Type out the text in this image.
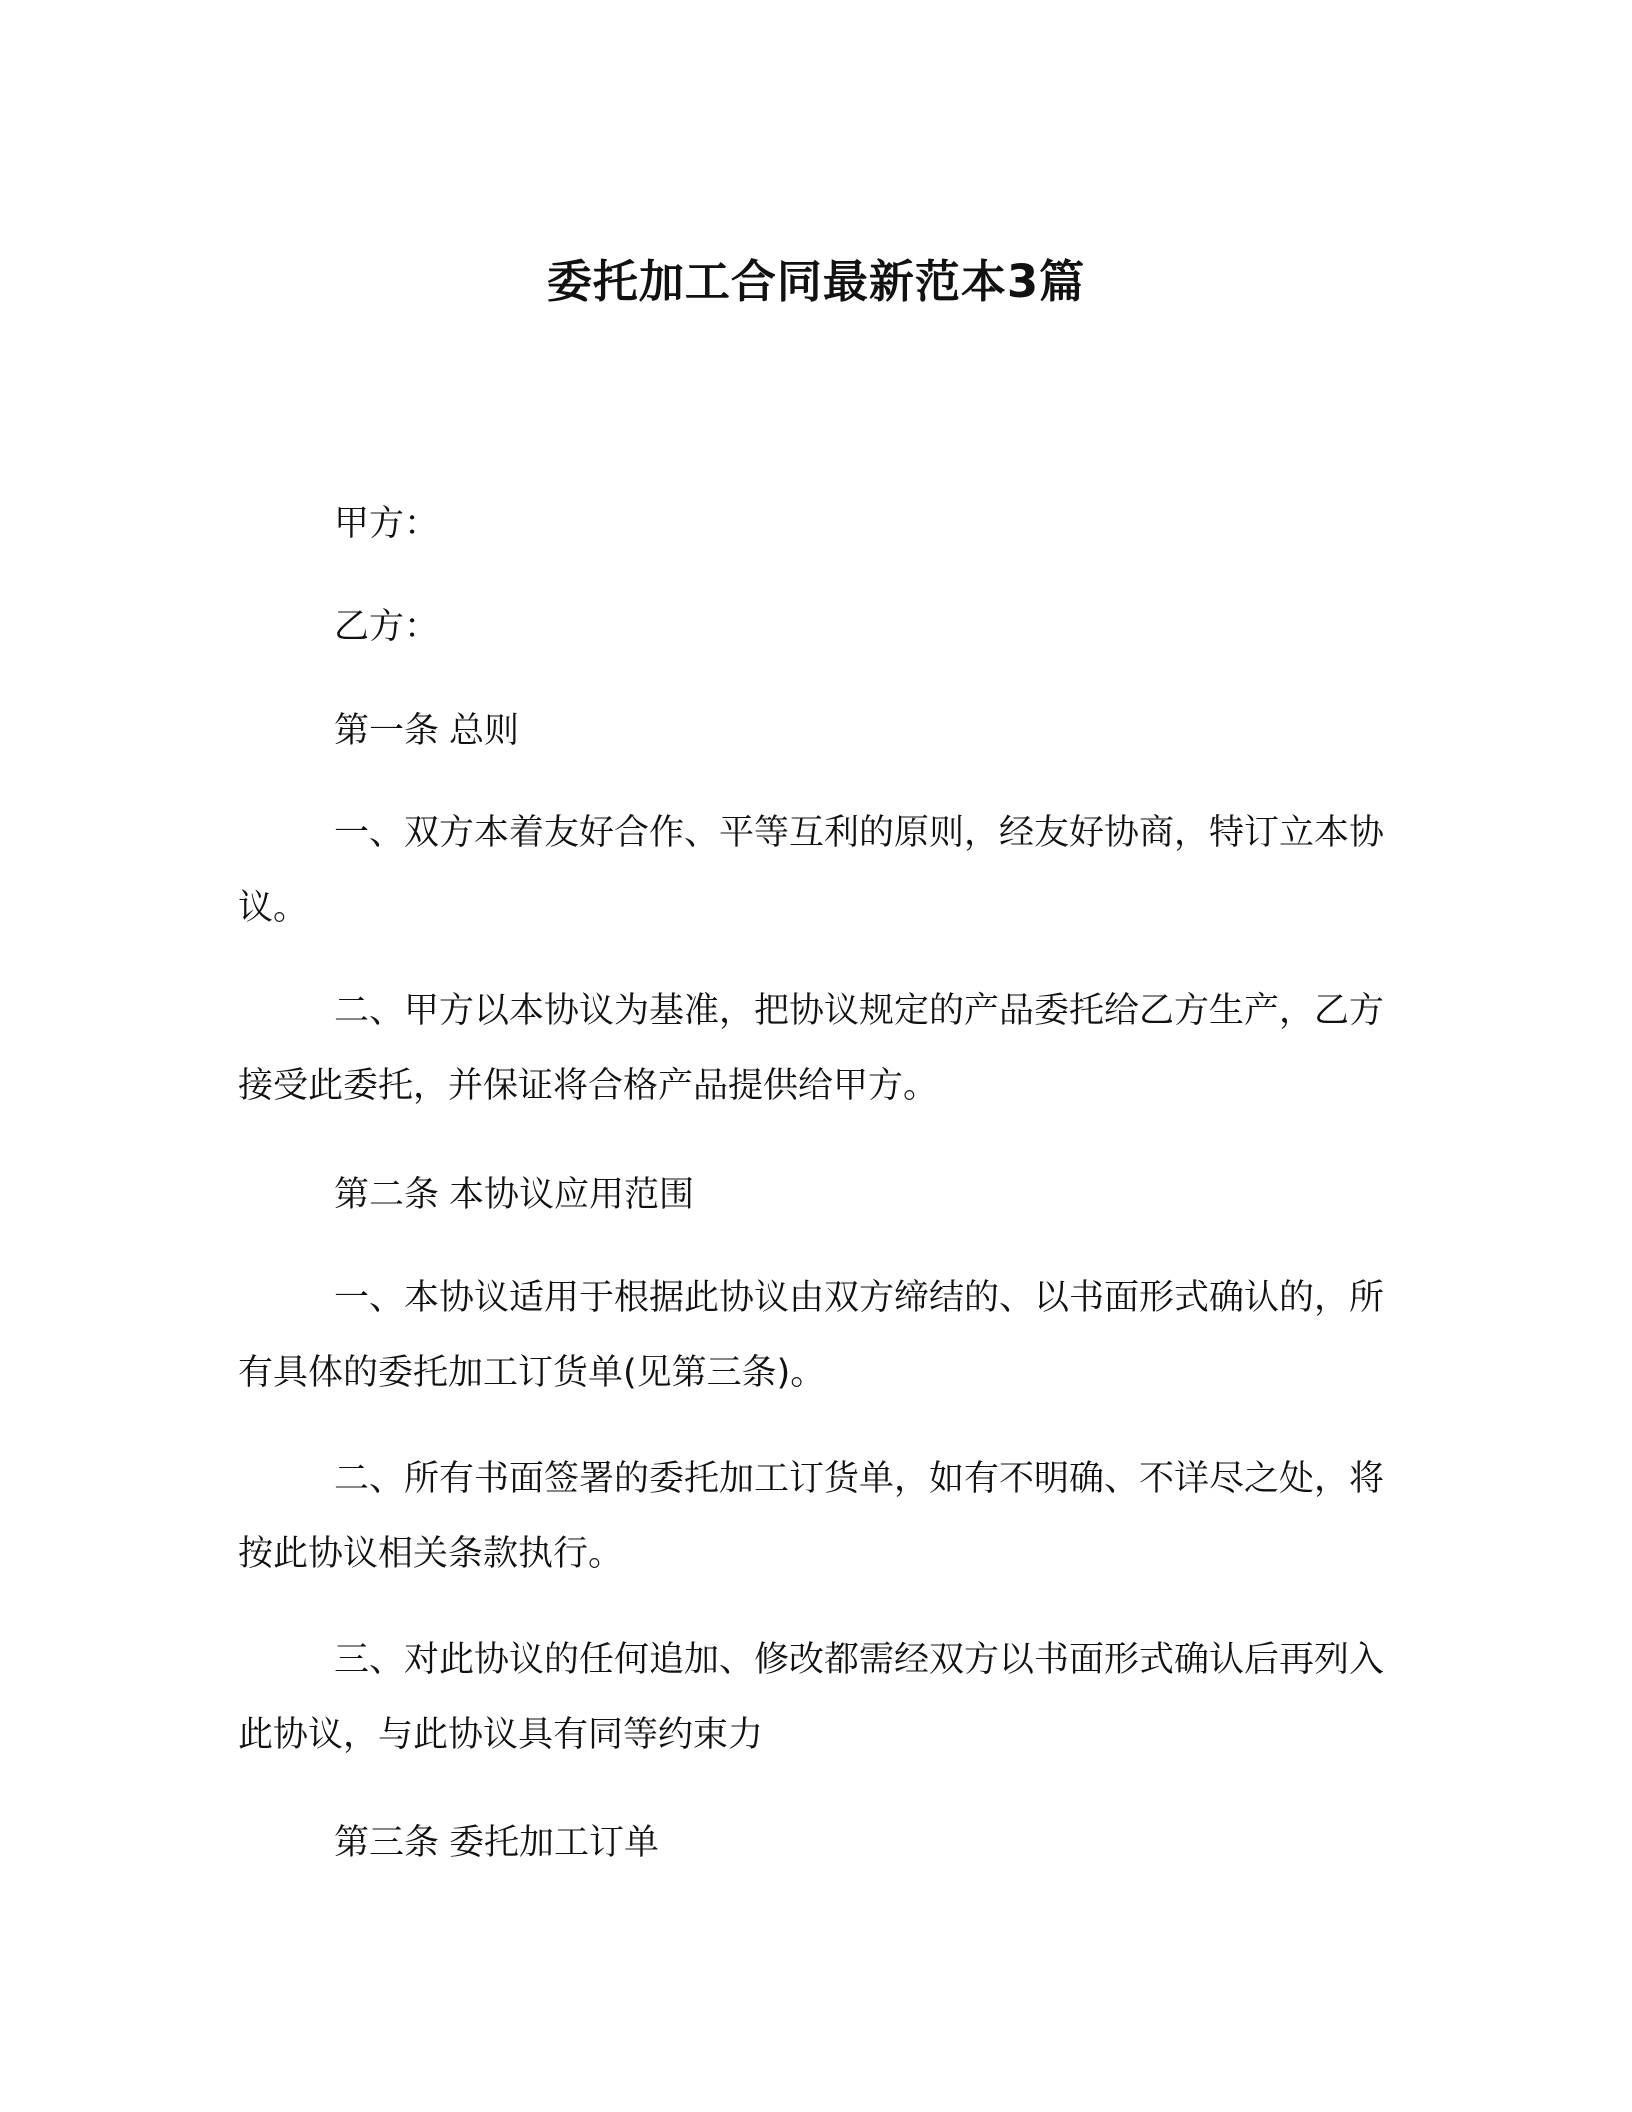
委托加工合同最新范本3篇

甲方：

乙方：

第一条 总则

一、双方本着友好合作、平等互利的原则，经友好协商，特订立本协议。

二、甲方以本协议为基准，把协议规定的产品委托给乙方生产，乙方接受此委托，并保证将合格产品提供给甲方。

第二条 本协议应用范围

一、本协议适用于根据此协议由双方缔结的、以书面形式确认的，所有具体的委托加工订货单(见第三条)。

二、所有书面签署的委托加工订货单，如有不明确、不详尽之处，将按此协议相关条款执行。

三、对此协议的任何追加、修改都需经双方以书面形式确认后再列入此协议，与此协议具有同等约束力

第三条 委托加工订单
